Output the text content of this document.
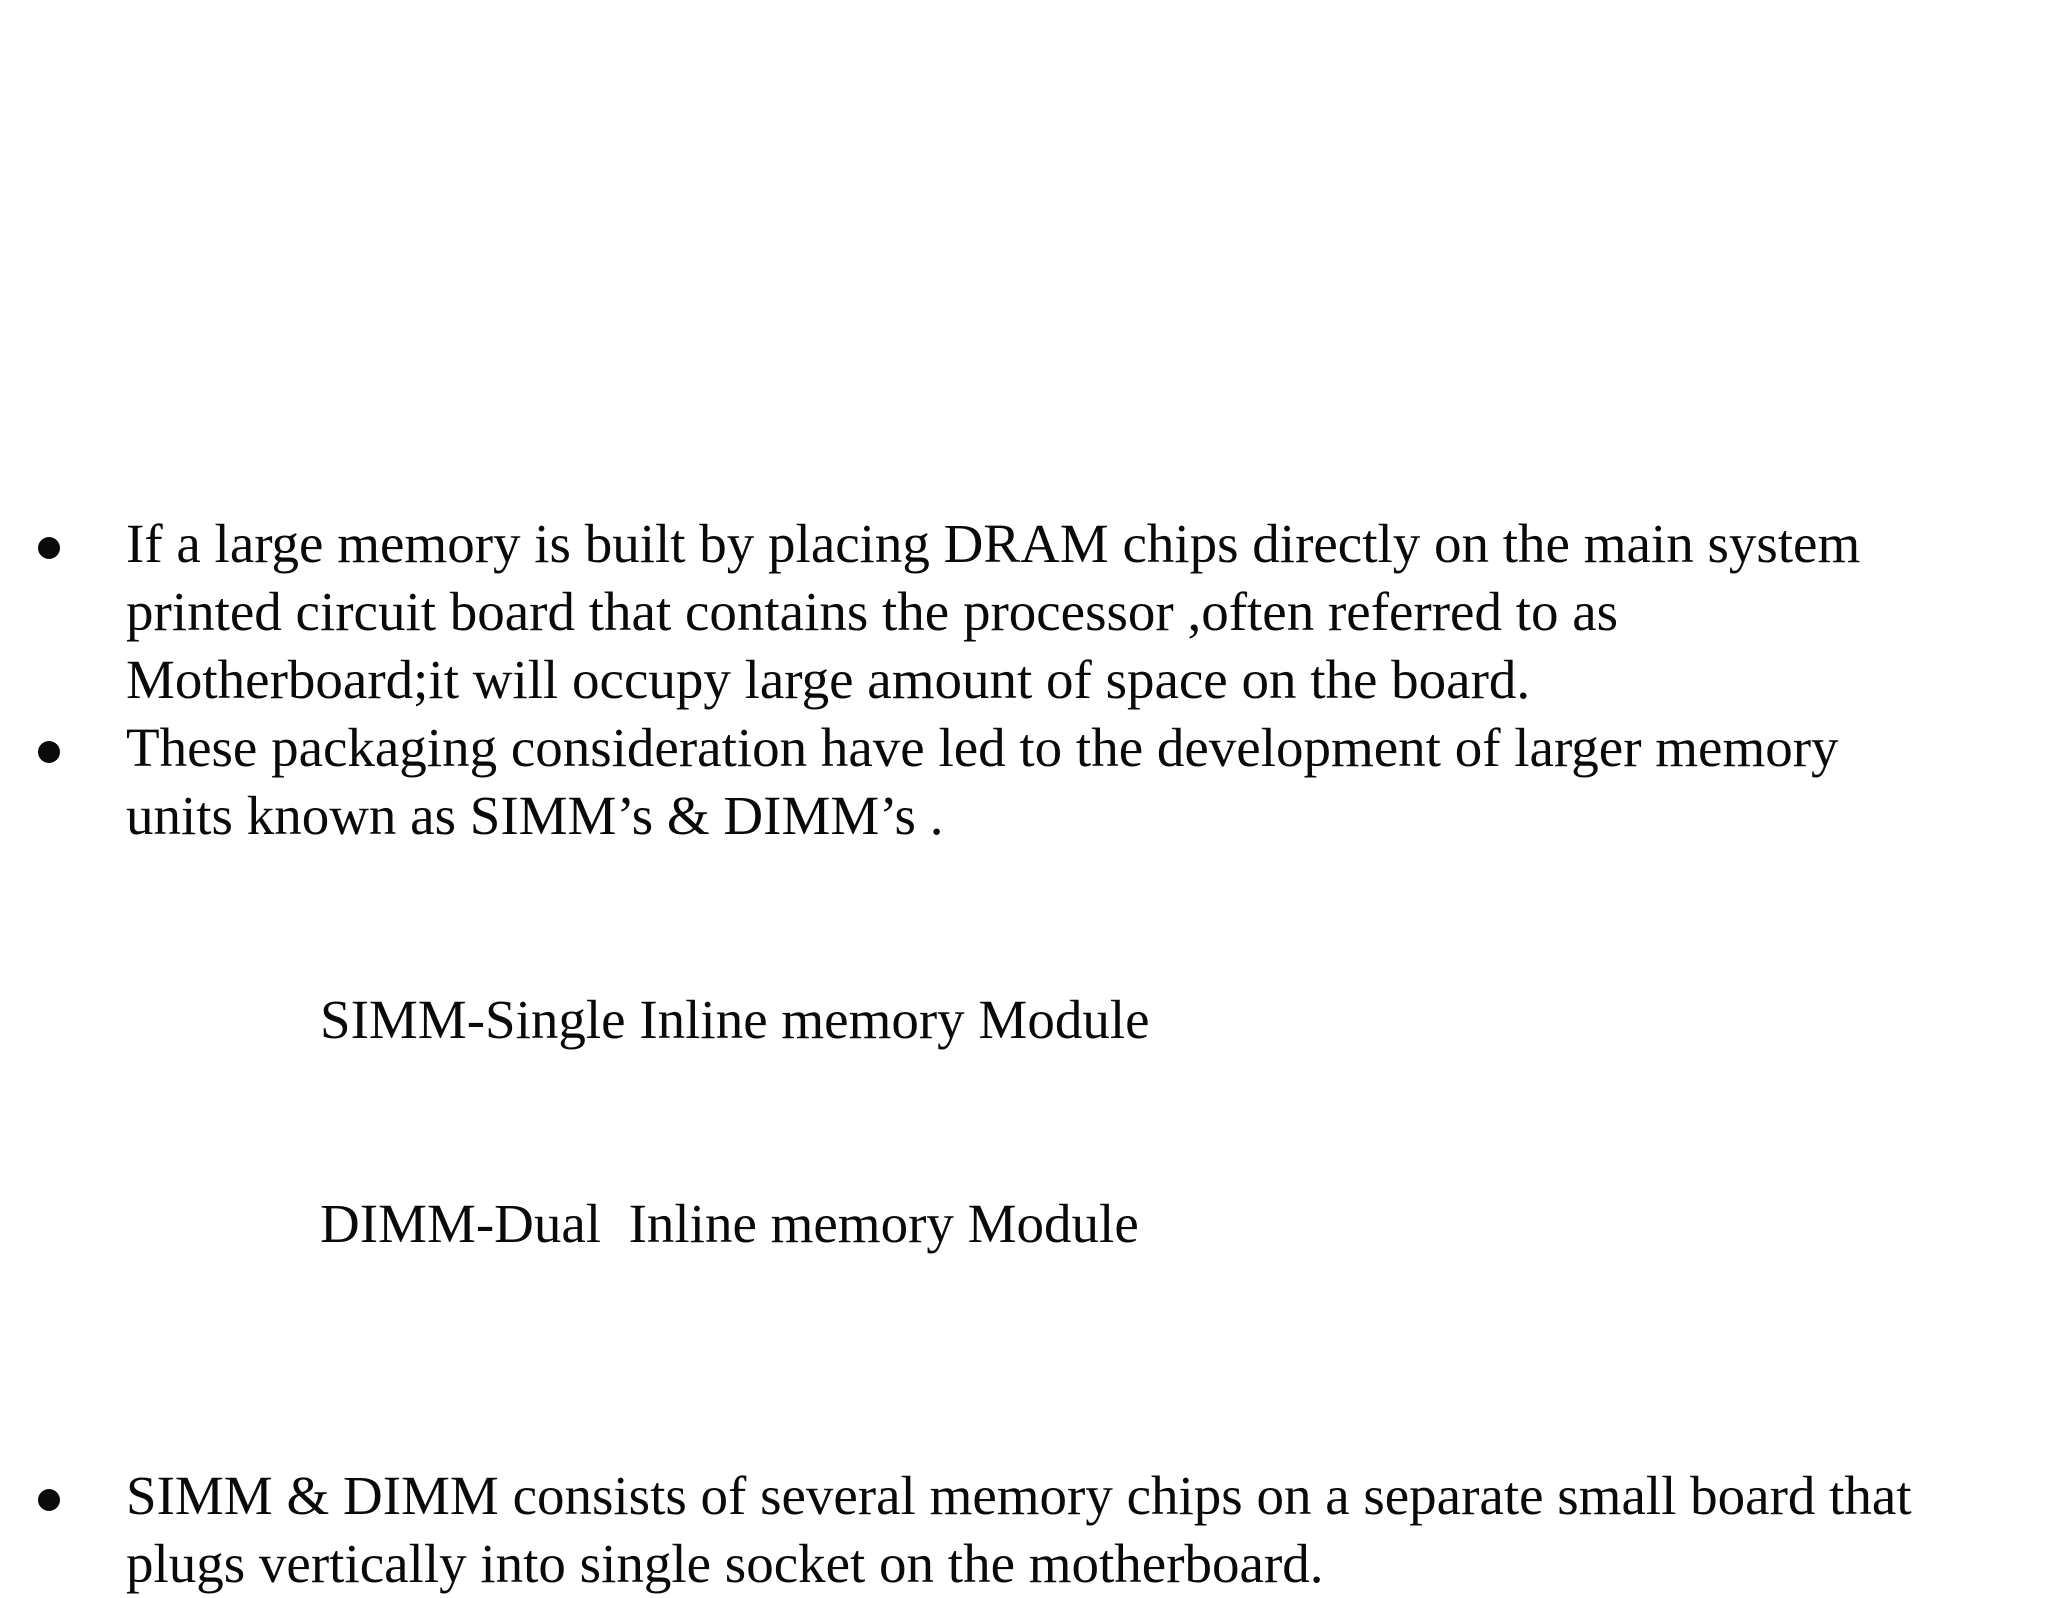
If a large memory is built by placing DRAM chips directly on the main system
printed circuit board that contains the processor ,often referred to as
Motherboard;it will occupy large amount of space on the board.
These packaging consideration have led to the development of larger memory
units known as SIMM’s & DIMM’s .

SIMM-Single Inline memory Module

DIMM-Dual  Inline memory Module

SIMM & DIMM consists of several memory chips on a separate small board that
plugs vertically into single socket on the motherboard.
